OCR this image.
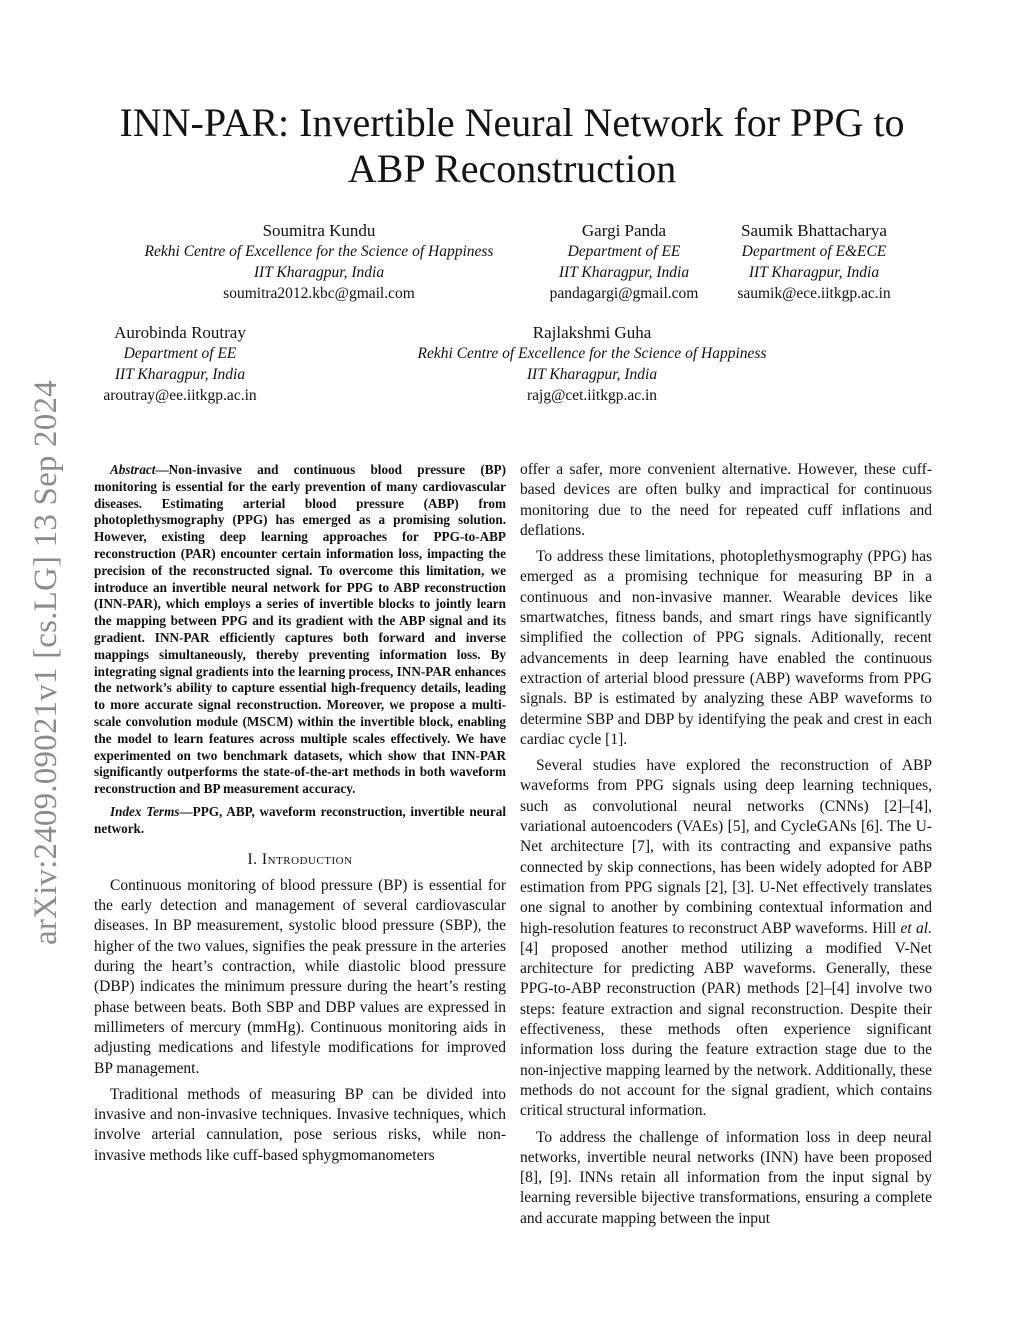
arXiv:2409.09021v1 [cs.LG] 13 Sep 2024
INN-PAR: Invertible Neural Network for PPG to ABP Reconstruction
Soumitra Kundu
Rekhi Centre of Excellence for the Science of Happiness
IIT Kharagpur, India
soumitra2012.kbc@gmail.com
Gargi Panda
Department of EE
IIT Kharagpur, India
pandagargi@gmail.com
Saumik Bhattacharya
Department of E&ECE
IIT Kharagpur, India
saumik@ece.iitkgp.ac.in
Aurobinda Routray
Department of EE
IIT Kharagpur, India
aroutray@ee.iitkgp.ac.in
Rajlakshmi Guha
Rekhi Centre of Excellence for the Science of Happiness
IIT Kharagpur, India
rajg@cet.iitkgp.ac.in

Abstract—Non-invasive and continuous blood pressure (BP) monitoring is essential for the early prevention of many cardiovascular diseases. Estimating arterial blood pressure (ABP) from photoplethysmography (PPG) has emerged as a promising solution. However, existing deep learning approaches for PPG-to-ABP reconstruction (PAR) encounter certain information loss, impacting the precision of the reconstructed signal. To overcome this limitation, we introduce an invertible neural network for PPG to ABP reconstruction (INN-PAR), which employs a series of invertible blocks to jointly learn the mapping between PPG and its gradient with the ABP signal and its gradient. INN-PAR efficiently captures both forward and inverse mappings simultaneously, thereby preventing information loss. By integrating signal gradients into the learning process, INN-PAR enhances the network’s ability to capture essential high-frequency details, leading to more accurate signal reconstruction. Moreover, we propose a multi-scale convolution module (MSCM) within the invertible block, enabling the model to learn features across multiple scales effectively. We have experimented on two benchmark datasets, which show that INN-PAR significantly outperforms the state-of-the-art methods in both waveform reconstruction and BP measurement accuracy.

Index Terms—PPG, ABP, waveform reconstruction, invertible neural network.

I. Introduction

Continuous monitoring of blood pressure (BP) is essential for the early detection and management of several cardiovascular diseases. In BP measurement, systolic blood pressure (SBP), the higher of the two values, signifies the peak pressure in the arteries during the heart’s contraction, while diastolic blood pressure (DBP) indicates the minimum pressure during the heart’s resting phase between beats. Both SBP and DBP values are expressed in millimeters of mercury (mmHg). Continuous monitoring aids in adjusting medications and lifestyle modifications for improved BP management.

Traditional methods of measuring BP can be divided into invasive and non-invasive techniques. Invasive techniques, which involve arterial cannulation, pose serious risks, while non-invasive methods like cuff-based sphygmomanometers

offer a safer, more convenient alternative. However, these cuff-based devices are often bulky and impractical for continuous monitoring due to the need for repeated cuff inflations and deflations.

To address these limitations, photoplethysmography (PPG) has emerged as a promising technique for measuring BP in a continuous and non-invasive manner. Wearable devices like smartwatches, fitness bands, and smart rings have significantly simplified the collection of PPG signals. Aditionally, recent advancements in deep learning have enabled the continuous extraction of arterial blood pressure (ABP) waveforms from PPG signals. BP is estimated by analyzing these ABP waveforms to determine SBP and DBP by identifying the peak and crest in each cardiac cycle [1].

Several studies have explored the reconstruction of ABP waveforms from PPG signals using deep learning techniques, such as convolutional neural networks (CNNs) [2]–[4], variational autoencoders (VAEs) [5], and CycleGANs [6]. The U-Net architecture [7], with its contracting and expansive paths connected by skip connections, has been widely adopted for ABP estimation from PPG signals [2], [3]. U-Net effectively translates one signal to another by combining contextual information and high-resolution features to reconstruct ABP waveforms. Hill et al. [4] proposed another method utilizing a modified V-Net architecture for predicting ABP waveforms. Generally, these PPG-to-ABP reconstruction (PAR) methods [2]–[4] involve two steps: feature extraction and signal reconstruction. Despite their effectiveness, these methods often experience significant information loss during the feature extraction stage due to the non-injective mapping learned by the network. Additionally, these methods do not account for the signal gradient, which contains critical structural information.

To address the challenge of information loss in deep neural networks, invertible neural networks (INN) have been proposed [8], [9]. INNs retain all information from the input signal by learning reversible bijective transformations, ensuring a complete and accurate mapping between the input
